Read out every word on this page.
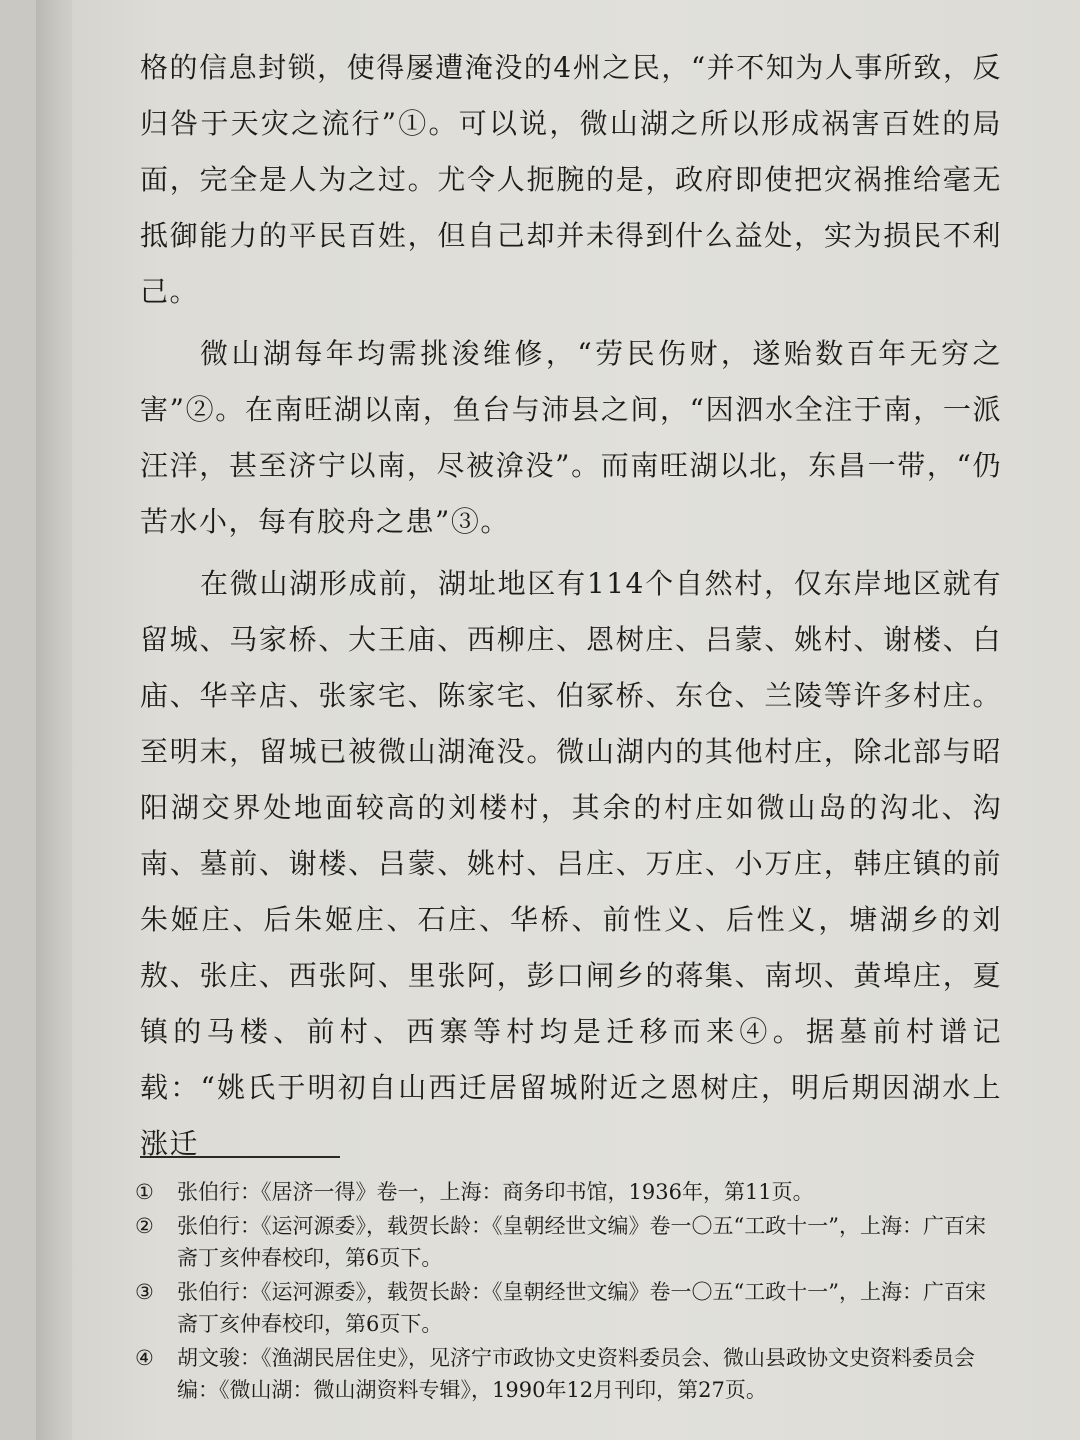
格的信息封锁，使得屡遭淹没的4州之民，“并不知为人事所致，反归咎于天灾之流行”①。可以说，微山湖之所以形成祸害百姓的局面，完全是人为之过。尤令人扼腕的是，政府即使把灾祸推给毫无抵御能力的平民百姓，但自己却并未得到什么益处，实为损民不利己。

微山湖每年均需挑浚维修，“劳民伤财，遂贻数百年无穷之害”②。在南旺湖以南，鱼台与沛县之间，“因泗水全注于南，一派汪洋，甚至济宁以南，尽被渰没”。而南旺湖以北，东昌一带，“仍苦水小，每有胶舟之患”③。

在微山湖形成前，湖址地区有114个自然村，仅东岸地区就有留城、马家桥、大王庙、西柳庄、恩树庄、吕蒙、姚村、谢楼、白庙、华辛店、张家宅、陈家宅、伯冢桥、东仓、兰陵等许多村庄。至明末，留城已被微山湖淹没。微山湖内的其他村庄，除北部与昭阳湖交界处地面较高的刘楼村，其余的村庄如微山岛的沟北、沟南、墓前、谢楼、吕蒙、姚村、吕庄、万庄、小万庄，韩庄镇的前朱姬庄、后朱姬庄、石庄、华桥、前性义、后性义，塘湖乡的刘敖、张庄、西张阿、里张阿，彭口闸乡的蒋集、南坝、黄埠庄，夏镇的马楼、前村、西寨等村均是迁移而来④。据墓前村谱记载：“姚氏于明初自山西迁居留城附近之恩树庄，明后期因湖水上涨迁

①	张伯行：《居济一得》卷一，上海：商务印书馆，1936年，第11页。
②	张伯行：《运河源委》，载贺长龄：《皇朝经世文编》卷一〇五“工政十一”，上海：广百宋斋丁亥仲春校印，第6页下。
③	张伯行：《运河源委》，载贺长龄：《皇朝经世文编》卷一〇五“工政十一”，上海：广百宋斋丁亥仲春校印，第6页下。
④	胡文骏：《渔湖民居住史》，见济宁市政协文史资料委员会、微山县政协文史资料委员会编：《微山湖：微山湖资料专辑》，1990年12月刊印，第27页。
